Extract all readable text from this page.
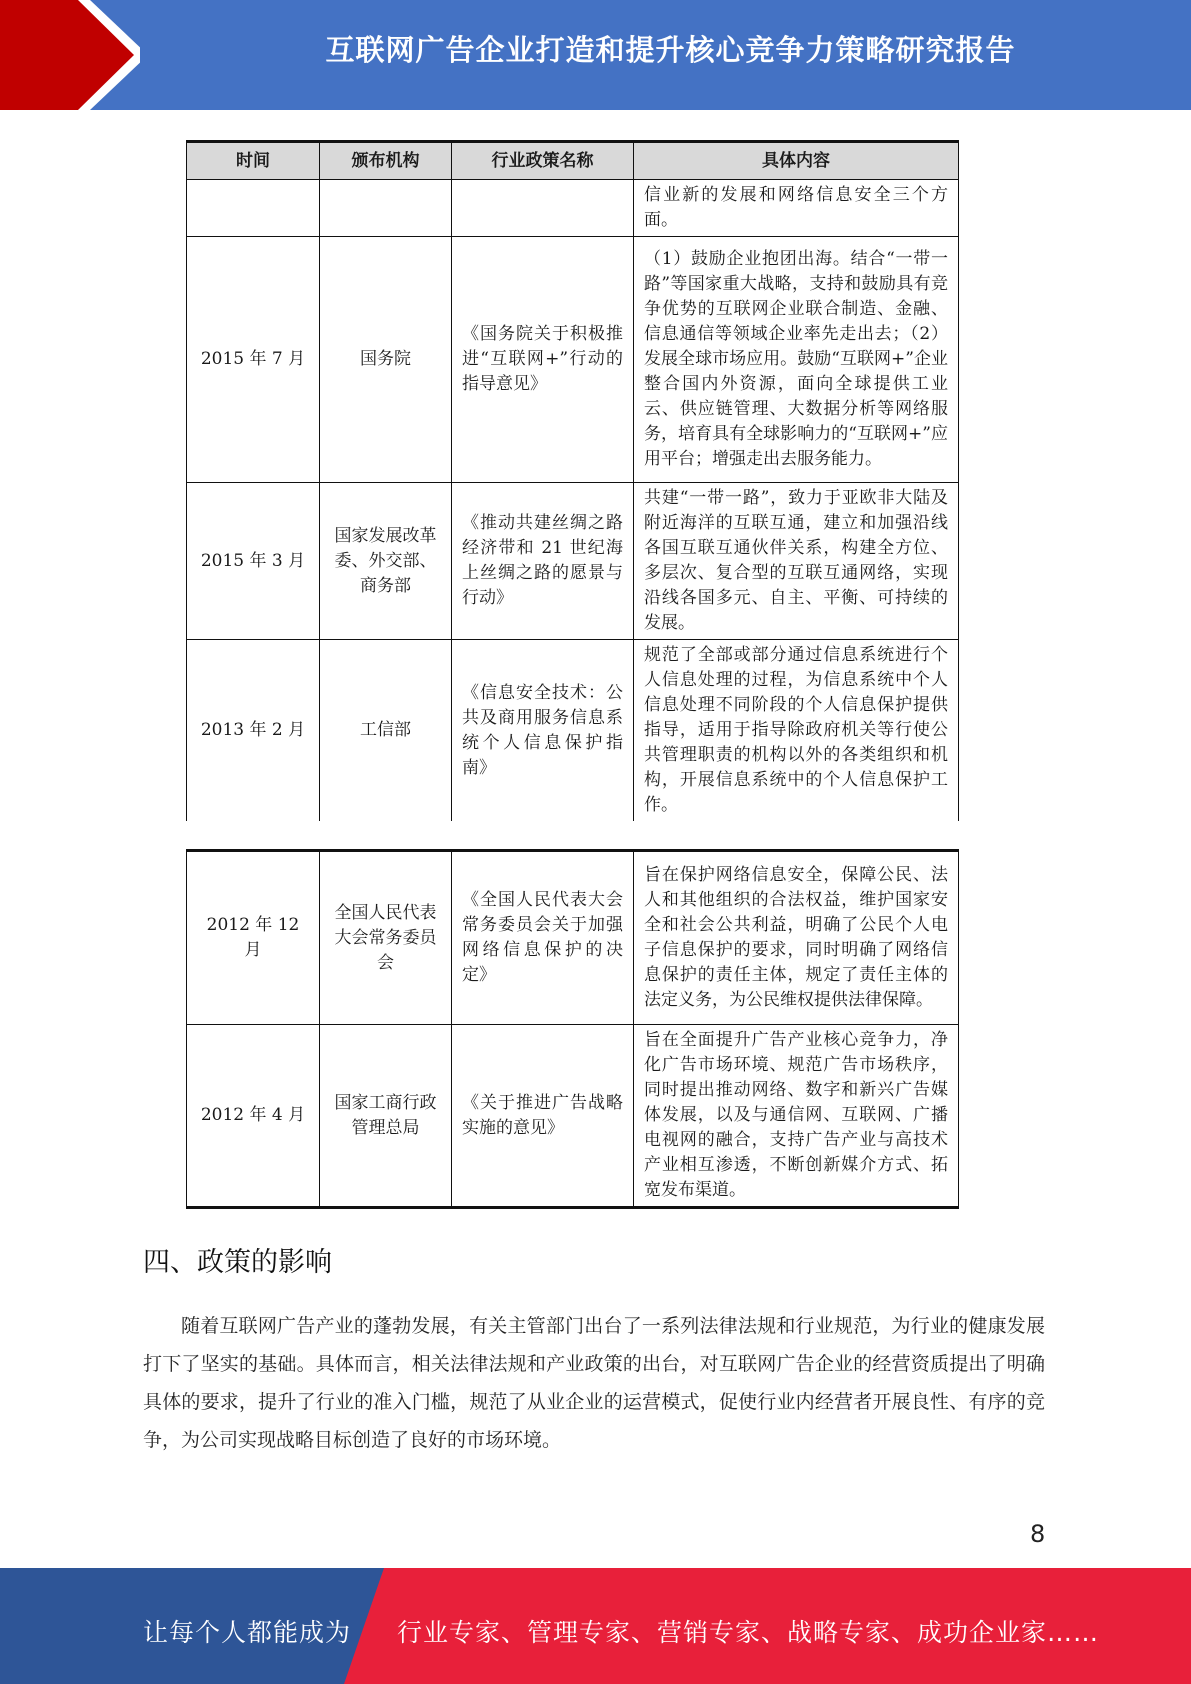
互联网广告企业打造和提升核心竞争力策略研究报告
时间	颁布机构	行业政策名称	具体内容
			信业新的发展和网络信息安全三个方面。
2015 年 7 月	国务院	《国务院关于积极推进“互联网+”行动的指导意见》	（1）鼓励企业抱团出海。结合“一带一路”等国家重大战略，支持和鼓励具有竞争优势的互联网企业联合制造、金融、信息通信等领域企业率先走出去；（2）发展全球市场应用。鼓励“互联网+”企业整合国内外资源，面向全球提供工业云、供应链管理、大数据分析等网络服务，培育具有全球影响力的“互联网+”应用平台；增强走出去服务能力。
2015 年 3 月	国家发展改革委、外交部、商务部	《推动共建丝绸之路经济带和 21 世纪海上丝绸之路的愿景与行动》	共建“一带一路”，致力于亚欧非大陆及附近海洋的互联互通，建立和加强沿线各国互联互通伙伴关系，构建全方位、多层次、复合型的互联互通网络，实现沿线各国多元、自主、平衡、可持续的发展。
2013 年 2 月	工信部	《信息安全技术：公共及商用服务信息系统个人信息保护指南》	规范了全部或部分通过信息系统进行个人信息处理的过程，为信息系统中个人信息处理不同阶段的个人信息保护提供指导，适用于指导除政府机关等行使公共管理职责的机构以外的各类组织和机构，开展信息系统中的个人信息保护工作。
2012 年 12 月	全国人民代表大会常务委员会	《全国人民代表大会常务委员会关于加强网络信息保护的决定》	旨在保护网络信息安全，保障公民、法人和其他组织的合法权益，维护国家安全和社会公共利益，明确了公民个人电子信息保护的要求，同时明确了网络信息保护的责任主体，规定了责任主体的法定义务，为公民维权提供法律保障。
2012 年 4 月	国家工商行政管理总局	《关于推进广告战略实施的意见》	旨在全面提升广告产业核心竞争力，净化广告市场环境、规范广告市场秩序，同时提出推动网络、数字和新兴广告媒体发展，以及与通信网、互联网、广播电视网的融合，支持广告产业与高技术产业相互渗透，不断创新媒介方式、拓宽发布渠道。
四、政策的影响

随着互联网广告产业的蓬勃发展，有关主管部门出台了一系列法律法规和行业规范，为行业的健康发展打下了坚实的基础。具体而言，相关法律法规和产业政策的出台，对互联网广告企业的经营资质提出了明确具体的要求，提升了行业的准入门槛，规范了从业企业的运营模式，促使行业内经营者开展良性、有序的竞争，为公司实现战略目标创造了良好的市场环境。

8
让每个人都能成为 行业专家、管理专家、营销专家、战略专家、成功企业家……
